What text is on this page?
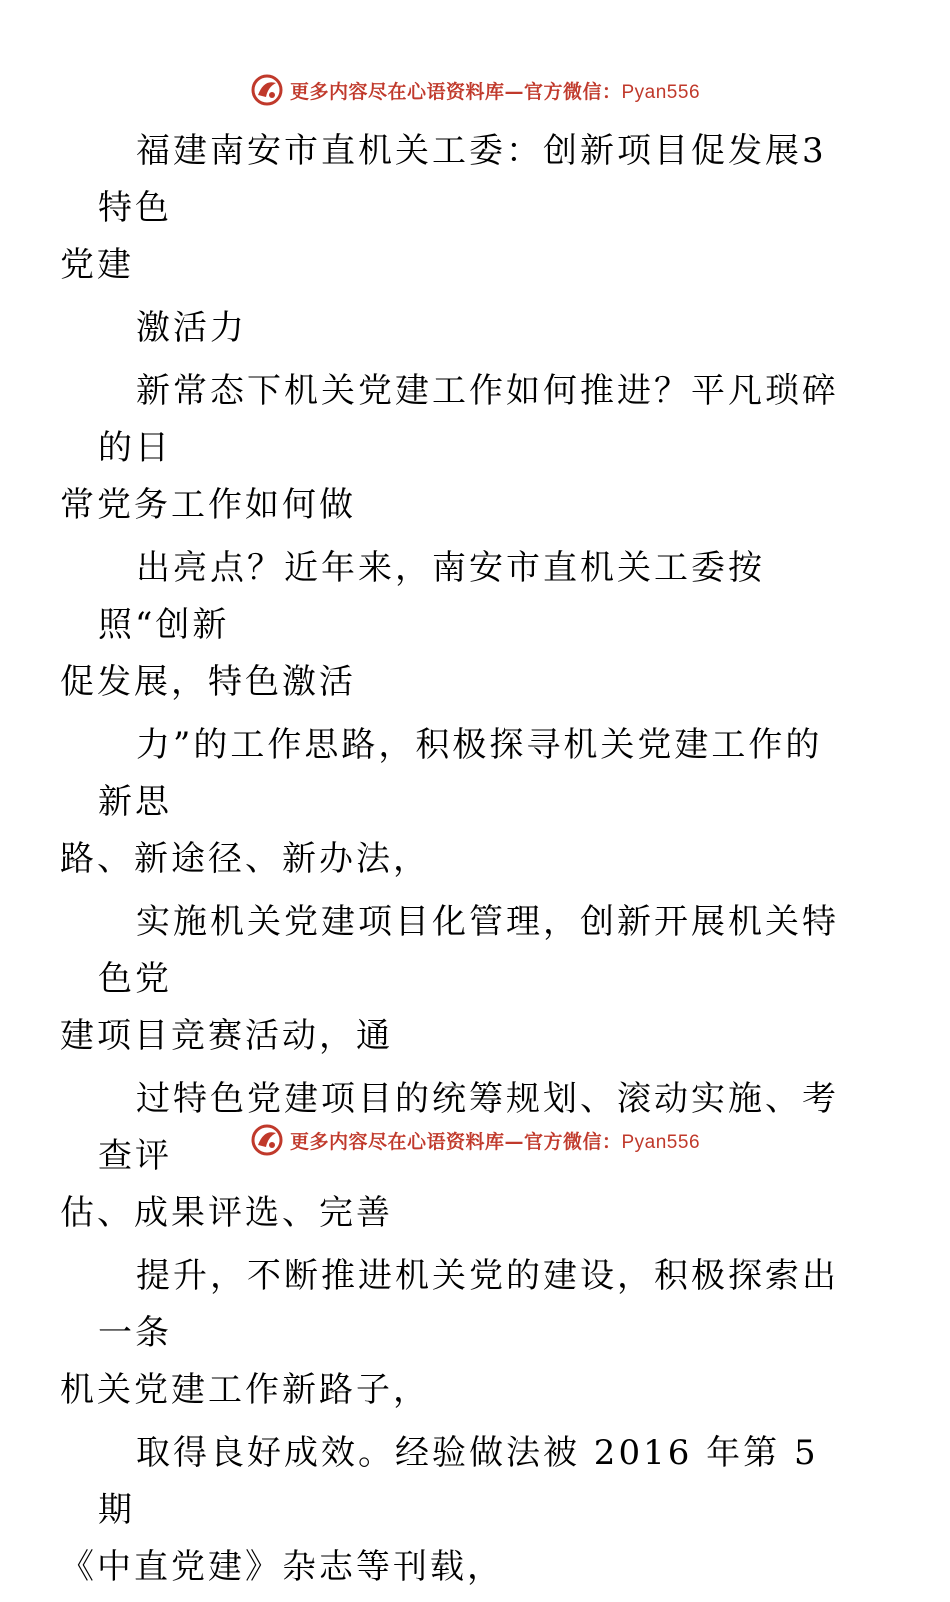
更多内容尽在心语资料库—官方微信：Pyan556

福建南安市直机关工委：创新项目促发展3特色
党建

激活力

新常态下机关党建工作如何推进？平凡琐碎的日
常党务工作如何做

出亮点？近年来，南安市直机关工委按照“创新
促发展，特色激活

力”的工作思路，积极探寻机关党建工作的新思
路、新途径、新办法，

实施机关党建项目化管理，创新开展机关特色党
建项目竞赛活动，通

过特色党建项目的统筹规划、滚动实施、考查评
估、成果评选、完善

提升，不断推进机关党的建设，积极探索出一条
机关党建工作新路子，

取得良好成效。经验做法被 2016 年第 5 期
《中直党建》杂志等刊载，

更多内容尽在心语资料库—官方微信：Pyan556
